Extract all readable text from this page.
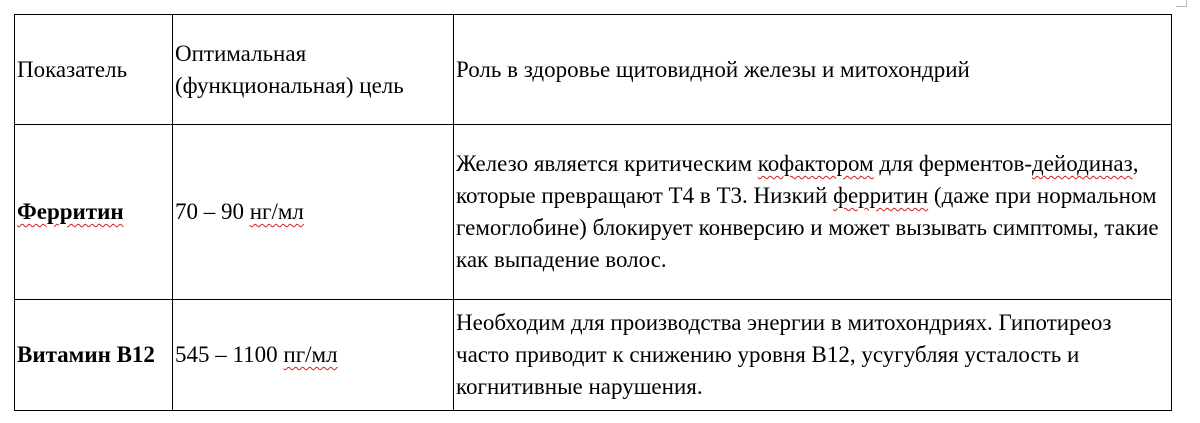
Показатель	Оптимальная (функциональная) цель	Роль в здоровье щитовидной железы и митохондрий
Ферритин	70 – 90 нг/мл	Железо является критическим кофактором для ферментов-дейодиназ, которые превращают Т4 в Т3. Низкий ферритин (даже при нормальном гемоглобине) блокирует конверсию и может вызывать симптомы, такие как выпадение волос.
Витамин В12	545 – 1100 пг/мл	Необходим для производства энергии в митохондриях. Гипотиреоз часто приводит к снижению уровня B12, усугубляя усталость и когнитивные нарушения.
